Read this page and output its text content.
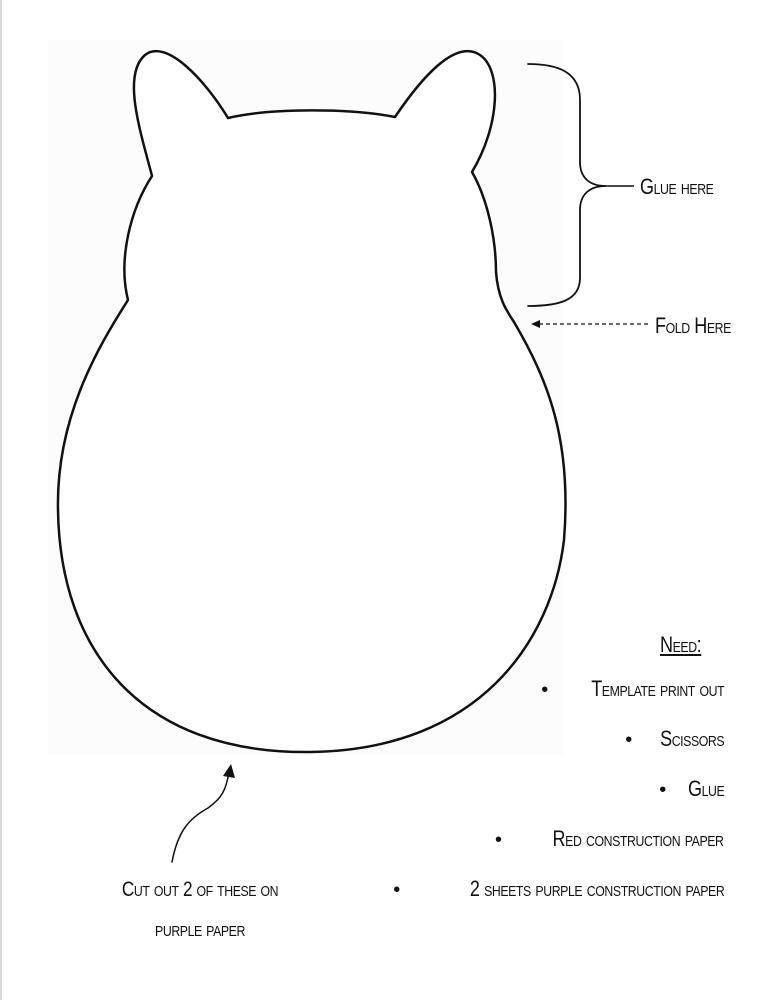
Glue here
Fold Here
Cut out 2 of these on purple paper
Need:
• Template print out
• Scissors
• Glue
• Red construction paper
•	2 sheets purple construction paper
